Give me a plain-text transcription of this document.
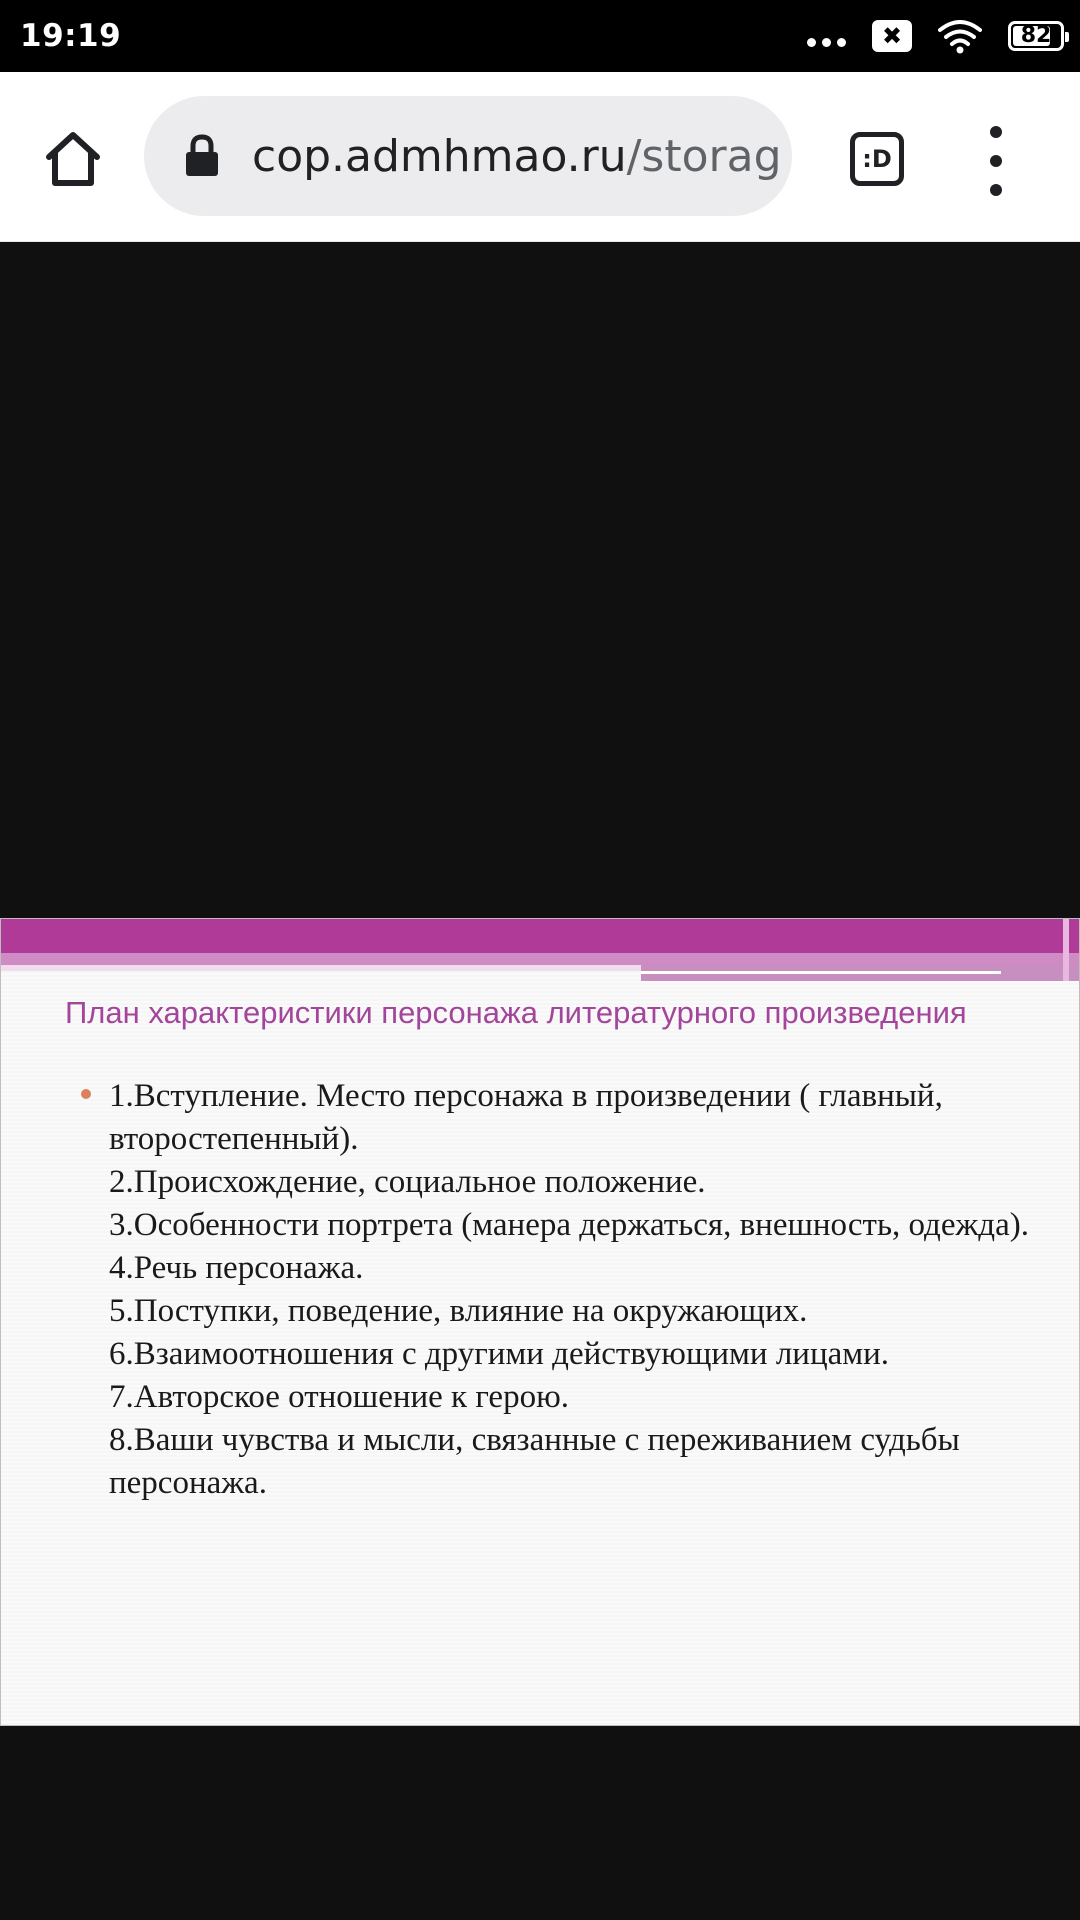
19:19	✖	82
cop.admhmao.ru/storag	:D
План характеристики персонажа литературного произведения
1.Вступление. Место персонажа в произведении ( главный, второстепенный).
2.Происхождение, социальное положение.
3.Особенности портрета (манера держаться, внешность, одежда).
4.Речь персонажа.
5.Поступки, поведение, влияние на окружающих.
6.Взаимоотношения с другими действующими лицами.
7.Авторское отношение к герою.
8.Ваши чувства и мысли, связанные с переживанием судьбы персонажа.
